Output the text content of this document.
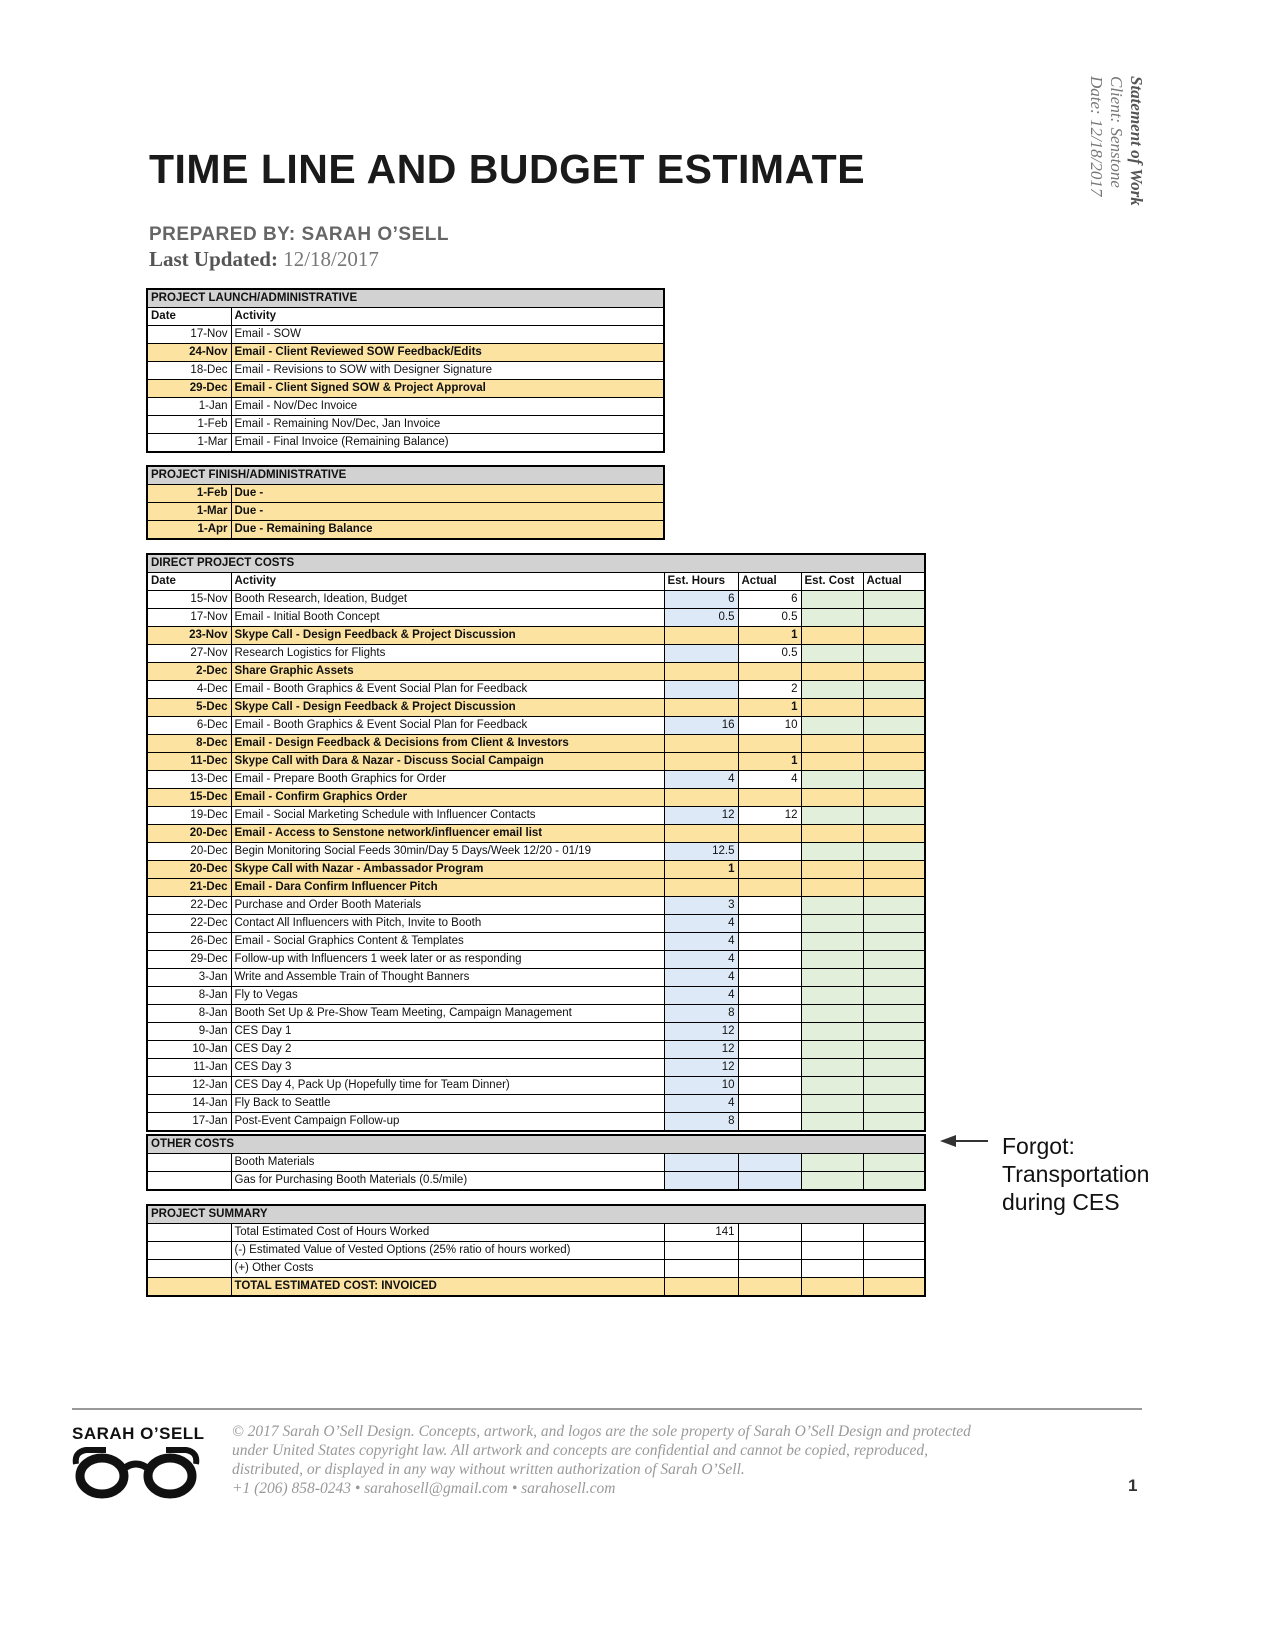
Statement of Work
Client: Senstone
Date: 12/18/2017
TIME LINE AND BUDGET ESTIMATE
PREPARED BY: SARAH O’SELL
Last Updated: 12/18/2017
PROJECT LAUNCH/ADMINISTRATIVE	
Date	Activity
17-Nov	Email - SOW
24-Nov	Email - Client Reviewed SOW Feedback/Edits
18-Dec	Email - Revisions to SOW with Designer Signature
29-Dec	Email - Client Signed SOW & Project Approval
1-Jan	Email - Nov/Dec Invoice
1-Feb	Email - Remaining Nov/Dec, Jan Invoice
1-Mar	Email - Final Invoice (Remaining Balance)
PROJECT FINISH/ADMINISTRATIVE	
1-Feb	Due -
1-Mar	Due -
1-Apr	Due - Remaining Balance
DIRECT PROJECT COSTS					
Date	Activity	Est. Hours	Actual	Est. Cost	Actual
15-Nov	Booth Research, Ideation, Budget	6	6		
17-Nov	Email - Initial Booth Concept	0.5	0.5		
23-Nov	Skype Call - Design Feedback & Project Discussion		1		
27-Nov	Research Logistics for Flights		0.5		
2-Dec	Share Graphic Assets				
4-Dec	Email - Booth Graphics & Event Social Plan for Feedback		2		
5-Dec	Skype Call - Design Feedback & Project Discussion		1		
6-Dec	Email - Booth Graphics & Event Social Plan for Feedback	16	10		
8-Dec	Email - Design Feedback & Decisions from Client & Investors				
11-Dec	Skype Call with Dara & Nazar - Discuss Social Campaign		1		
13-Dec	Email - Prepare Booth Graphics for Order	4	4		
15-Dec	Email - Confirm Graphics Order				
19-Dec	Email - Social Marketing Schedule with Influencer Contacts	12	12		
20-Dec	Email - Access to Senstone network/influencer email list				
20-Dec	Begin Monitoring Social Feeds 30min/Day 5 Days/Week 12/20 - 01/19	12.5			
20-Dec	Skype Call with Nazar - Ambassador Program	1			
21-Dec	Email - Dara Confirm Influencer Pitch				
22-Dec	Purchase and Order Booth Materials	3			
22-Dec	Contact All Influencers with Pitch, Invite to Booth	4			
26-Dec	Email - Social Graphics Content & Templates	4			
29-Dec	Follow-up with Influencers 1 week later or as responding	4			
3-Jan	Write and Assemble Train of Thought Banners	4			
8-Jan	Fly to Vegas	4			
8-Jan	Booth Set Up & Pre-Show Team Meeting, Campaign Management	8			
9-Jan	CES Day 1	12			
10-Jan	CES Day 2	12			
11-Jan	CES Day 3	12			
12-Jan	CES Day 4, Pack Up (Hopefully time for Team Dinner)	10			
14-Jan	Fly Back to Seattle	4			
17-Jan	Post-Event Campaign Follow-up	8			
OTHER COSTS					
	Booth Materials				
	Gas for Purchasing Booth Materials (0.5/mile)				
PROJECT SUMMARY					
	Total Estimated Cost of Hours Worked	141			
	(-) Estimated Value of Vested Options (25% ratio of hours worked)				
	(+) Other Costs				
	TOTAL ESTIMATED COST: INVOICED				
Forgot:
Transportation
during CES
SARAH O’SELL © 2017 Sarah O’Sell Design. Concepts, artwork, and logos are the sole property of Sarah O’Sell Design and protected
under United States copyright law. All artwork and concepts are confidential and cannot be copied, reproduced,
distributed, or displayed in any way without written authorization of Sarah O’Sell.
+1 (206) 858-0243 • sarahosell@gmail.com • sarahosell.com	1
